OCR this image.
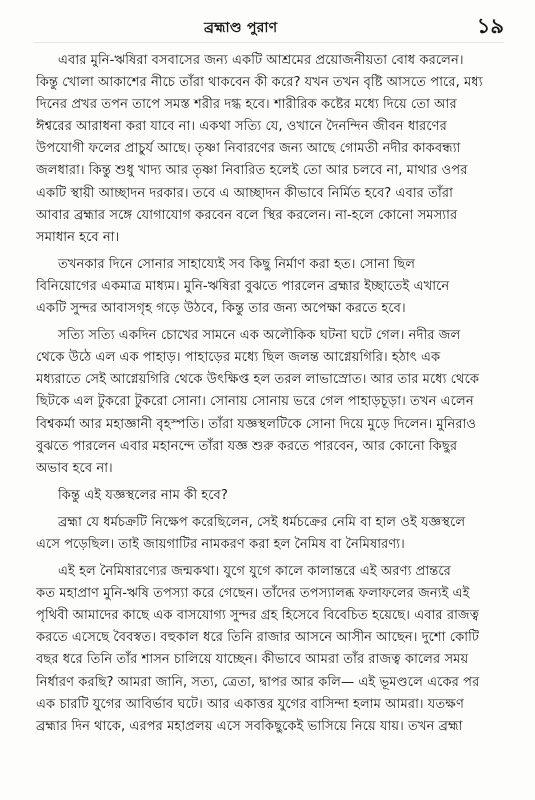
ব্রহ্মাণ্ড পুরাণ	১৯
এবার মুনি-ঋষিরা বসবাসের জন্য একটি আশ্রমের প্রয়োজনীয়তা বোধ করলেন।
কিন্তু খোলা আকাশের নীচে তাঁরা থাকবেন কী করে? যখন তখন বৃষ্টি আসতে পারে, মধ্য
দিনের প্রখর তপন তাপে সমস্ত শরীর দগ্ধ হবে। শারীরিক কষ্টের মধ্যে দিয়ে তো আর
ঈশ্বরের আরাধনা করা যাবে না। একথা সত্যি যে, ওখানে দৈনন্দিন জীবন ধারণের
উপযোগী ফলের প্রাচুর্য আছে। তৃষ্ণা নিবারণের জন্য আছে গোমতী নদীর কাকবন্ধ্যা
জলধারা। কিন্তু শুধু খাদ্য আর তৃষ্ণা নিবারিত হলেই তো আর চলবে না, মাথার ওপর
একটি স্থায়ী আচ্ছাদন দরকার। তবে এ আচ্ছাদন কীভাবে নির্মিত হবে? এবার তাঁরা
আবার ব্রহ্মার সঙ্গে যোগাযোগ করবেন বলে স্থির করলেন। না-হলে কোনো সমস্যার
সমাধান হবে না।
তখনকার দিনে সোনার সাহায্যেই সব কিছু নির্মাণ করা হত। সোনা ছিল
বিনিয়োগের একমাত্র মাধ্যম। মুনি-ঋষিরা বুঝতে পারলেন ব্রহ্মার ইচ্ছাতেই এখানে
একটি সুন্দর আবাসগৃহ গড়ে উঠবে, কিন্তু তার জন্য অপেক্ষা করতে হবে।
সত্যি সত্যি একদিন চোখের সামনে এক অলৌকিক ঘটনা ঘটে গেল। নদীর জল
থেকে উঠে এল এক পাহাড়। পাহাড়ের মধ্যে ছিল জলন্ত আগ্নেয়গিরি। হঠাৎ এক
মধ্যরাতে সেই আগ্নেয়গিরি থেকে উৎক্ষিপ্ত হল তরল লাভাস্রোত। আর তার মধ্যে থেকে
ছিটকে এল টুকরো টুকরো সোনা। সোনায় সোনায় ভরে গেল পাহাড়চূড়া। তখন এলেন
বিশ্বকর্মা আর মহাজ্ঞানী বৃহস্পতি। তাঁরা যজ্ঞস্থলটিকে সোনা দিয়ে মুড়ে দিলেন। মুনিরাও
বুঝতে পারলেন এবার মহানন্দে তাঁরা যজ্ঞ শুরু করতে পারবেন, আর কোনো কিছুর
অভাব হবে না।
কিন্তু এই যজ্ঞস্থলের নাম কী হবে?
ব্রহ্মা যে ধর্মচক্রটি নিক্ষেপ করেছিলেন, সেই ধর্মচক্রের নেমি বা হাল ওই যজ্ঞস্থলে
এসে পড়েছিল। তাই জায়গাটির নামকরণ করা হল নৈমিষ বা নৈমিষারণ্য।
এই হল নৈমিষারণ্যের জন্মকথা। যুগে যুগে কালে কালান্তরে এই অরণ্য প্রান্তরে
কত মহাপ্রাণ মুনি-ঋষি তপস্যা করে গেছেন। তাঁদের তপস্যালব্ধ ফলাফলের জন্যই এই
পৃথিবী আমাদের কাছে এক বাসযোগ্য সুন্দর গ্রহ হিসেবে বিবেচিত হয়েছে। এবার রাজত্ব
করতে এসেছে বৈবস্বত। বহুকাল ধরে তিনি রাজার আসনে আসীন আছেন। দুশো কোটি
বছর ধরে তিনি তাঁর শাসন চালিয়ে যাচ্ছেন। কীভাবে আমরা তাঁর রাজত্ব কালের সময়
নির্ধারণ করছি? আমরা জানি, সত্য, ত্রেতা, দ্বাপর আর কলি— এই ভূমণ্ডলে একের পর
এক চারটি যুগের আবির্ভাব ঘটে। আর একাত্তর যুগের বাসিন্দা হলাম আমরা। যতক্ষণ
ব্রহ্মার দিন থাকে, এরপর মহাপ্রলয় এসে সবকিছুকেই ভাসিয়ে নিয়ে যায়। তখন ব্রহ্মা
